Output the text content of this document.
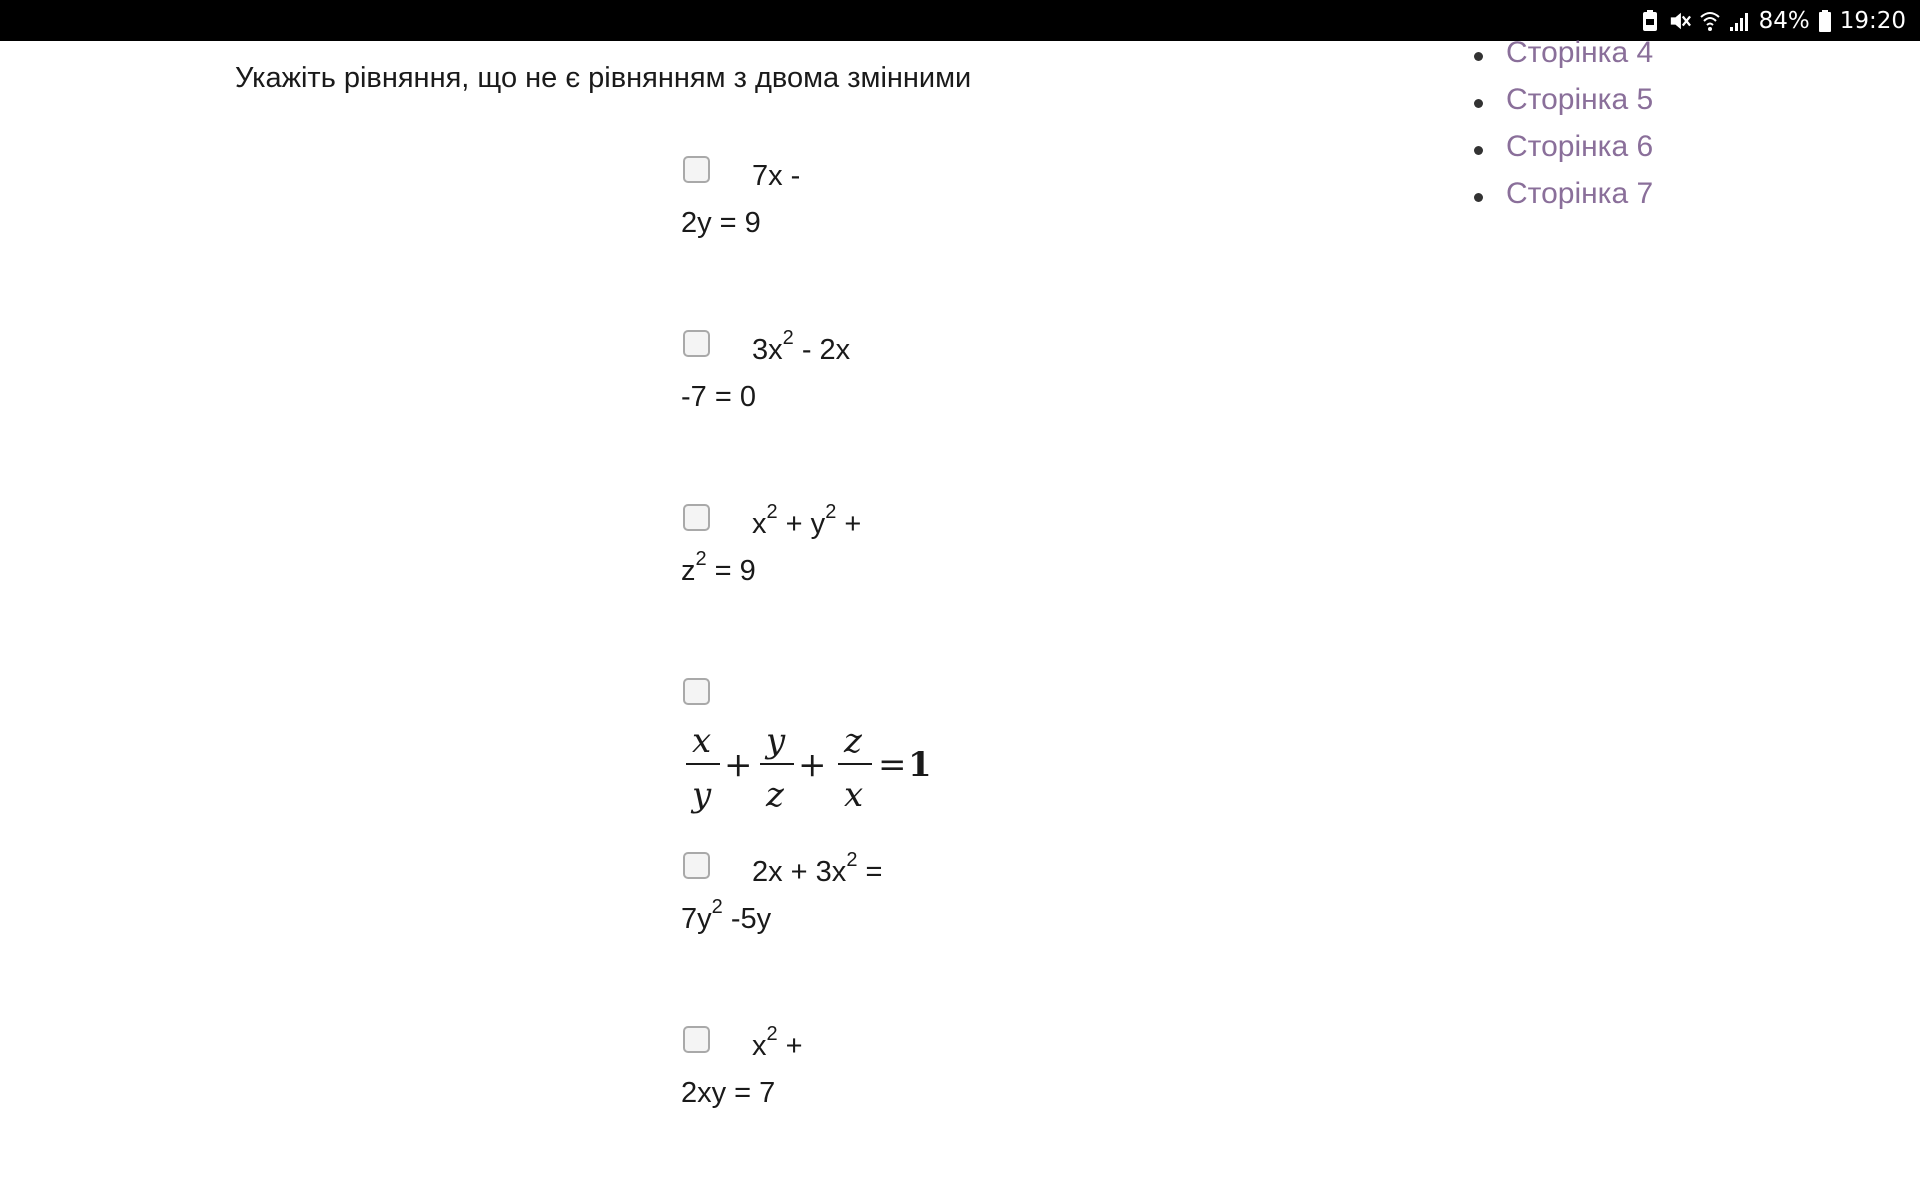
84% 19:20
Укажіть рівняння, що не є рівнянням з двома змінними
7x -
2y = 9
$3x^2 - 2x$
-7 = 0
$x^2 + y^2$ +
$z^2 = 9$
x
y
+
y
z
+
z
x
= 1
$2x + 3x^2$ =
$7y^2$ -5y
$x^2$ +
2xy = 7
Сторінка 4
Сторінка 5
Сторінка 6
Сторінка 7
